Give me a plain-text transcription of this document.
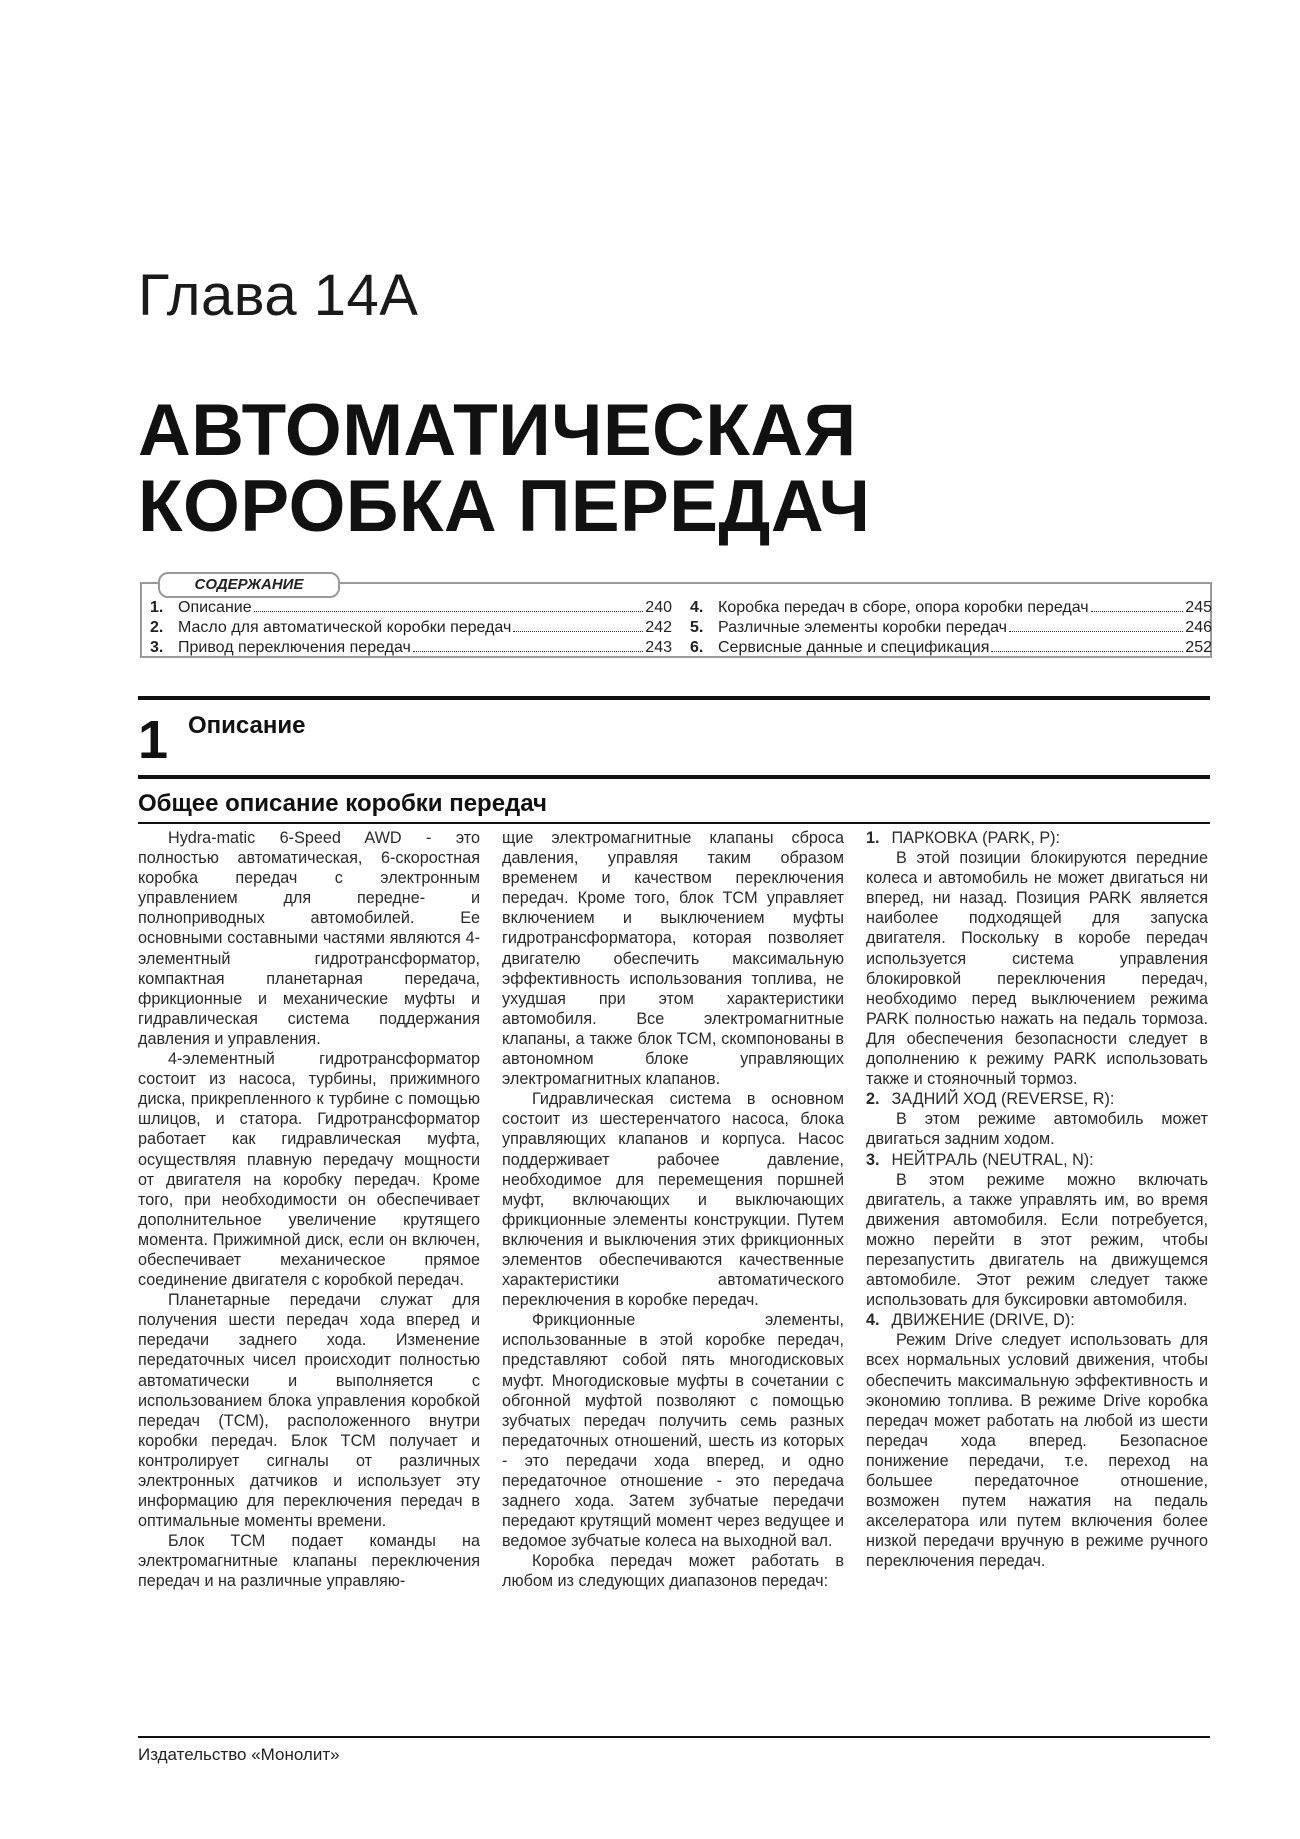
Глава 14А
АВТОМАТИЧЕСКАЯ
КОРОБКА ПЕРЕДАЧ
СОДЕРЖАНИЕ
1. Описание	240
2. Масло для автоматической коробки передач	242
3. Привод переключения передач	243
4. Коробка передач в сборе, опора коробки передач	245
5. Различные элементы коробки передач	246
6. Сервисные данные и спецификация	252
1 Описание
Общее описание коробки передач

Hydra-matic 6-Speed AWD - это полностью автоматическая, 6-скоростная коробка передач с электронным управлением для передне- и полноприводных автомобилей. Ее основными составными частями являются 4-элементный гидротрансформатор, компактная планетарная передача, фрикционные и механические муфты и гидравлическая система поддержания давления и управления.

4-элементный гидротрансформатор состоит из насоса, турбины, прижимного диска, прикрепленного к турбине с помощью шлицов, и статора. Гидротрансформатор работает как гидравлическая муфта, осуществляя плавную передачу мощности от двигателя на коробку передач. Кроме того, при необходимости он обеспечивает дополнительное увеличение крутящего момента. Прижимной диск, если он включен, обеспечивает механическое прямое соединение двигателя с коробкой передач.

Планетарные передачи служат для получения шести передач хода вперед и передачи заднего хода. Изменение передаточных чисел происходит полностью автоматически и выполняется с использованием блока управления коробкой передач (TCM), расположенного внутри коробки передач. Блок TCM получает и контролирует сигналы от различных электронных датчиков и использует эту информацию для переключения передач в оптимальные моменты времени.

Блок TCM подает команды на электромагнитные клапаны переключения передач и на различные управляю-

щие электромагнитные клапаны сброса давления, управляя таким образом временем и качеством переключения передач. Кроме того, блок TCM управляет включением и выключением муфты гидротрансформатора, которая позволяет двигателю обеспечить максимальную эффективность использования топлива, не ухудшая при этом характеристики автомобиля. Все электромагнитные клапаны, а также блок TCM, скомпонованы в автономном блоке управляющих электромагнитных клапанов.

Гидравлическая система в основном состоит из шестеренчатого насоса, блока управляющих клапанов и корпуса. Насос поддерживает рабочее давление, необходимое для перемещения поршней муфт, включающих и выключающих фрикционные элементы конструкции. Путем включения и выключения этих фрикционных элементов обеспечиваются качественные характеристики автоматического переключения в коробке передач.

Фрикционные элементы, использованные в этой коробке передач, представляют собой пять многодисковых муфт. Многодисковые муфты в сочетании с обгонной муфтой позволяют с помощью зубчатых передач получить семь разных передаточных отношений, шесть из которых - это передачи хода вперед, и одно передаточное отношение - это передача заднего хода. Затем зубчатые передачи передают крутящий момент через ведущее и ведомое зубчатые колеса на выходной вал.

Коробка передач может работать в любом из следующих диапазонов передач:

1. ПАРКОВКА (PARK, P):

В этой позиции блокируются передние колеса и автомобиль не может двигаться ни вперед, ни назад. Позиция PARK является наиболее подходящей для запуска двигателя. Поскольку в коробе передач используется система управления блокировкой переключения передач, необходимо перед выключением режима PARK полностью нажать на педаль тормоза. Для обеспечения безопасности следует в дополнению к режиму PARK использовать также и стояночный тормоз.

2. ЗАДНИЙ ХОД (REVERSE, R):

В этом режиме автомобиль может двигаться задним ходом.

3. НЕЙТРАЛЬ (NEUTRAL, N):

В этом режиме можно включать двигатель, а также управлять им, во время движения автомобиля. Если потребуется, можно перейти в этот режим, чтобы перезапустить двигатель на движущемся автомобиле. Этот режим следует также использовать для буксировки автомобиля.

4. ДВИЖЕНИЕ (DRIVE, D):

Режим Drive следует использовать для всех нормальных условий движения, чтобы обеспечить максимальную эффективность и экономию топлива. В режиме Drive коробка передач может работать на любой из шести передач хода вперед. Безопасное понижение передачи, т.е. переход на большее передаточное отношение, возможен путем нажатия на педаль акселератора или путем включения более низкой передачи вручную в режиме ручного переключения передач.

Издательство «Монолит»
